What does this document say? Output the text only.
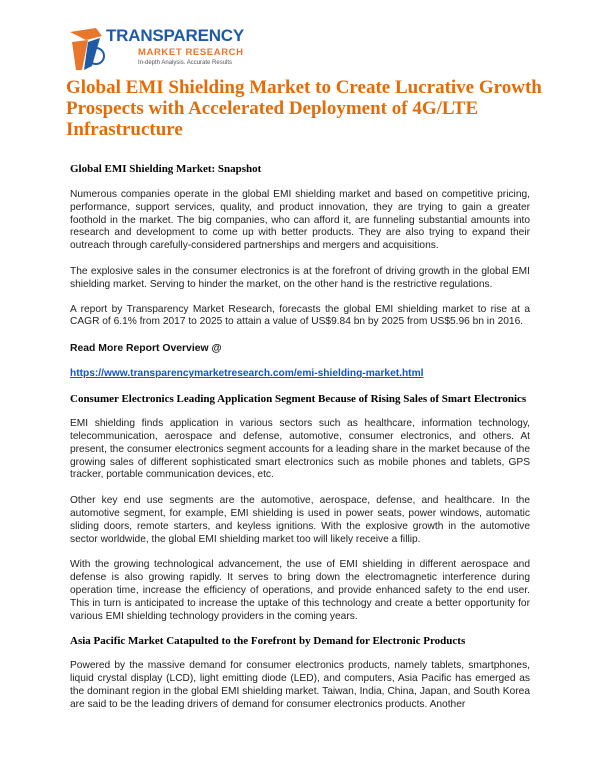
TRANSPARENCY
MARKET RESEARCH
In-depth Analysis. Accurate Results
Global EMI Shielding Market to Create Lucrative Growth Prospects with Accelerated Deployment of 4G/LTE Infrastructure

Global EMI Shielding Market: Snapshot

Numerous companies operate in the global EMI shielding market and based on competitive pricing, performance, support services, quality, and product innovation, they are trying to gain a greater foothold in the market. The big companies, who can afford it, are funneling substantial amounts into research and development to come up with better products. They are also trying to expand their outreach through carefully-considered partnerships and mergers and acquisitions.

The explosive sales in the consumer electronics is at the forefront of driving growth in the global EMI shielding market. Serving to hinder the market, on the other hand is the restrictive regulations.

A report by Transparency Market Research, forecasts the global EMI shielding market to rise at a CAGR of 6.1% from 2017 to 2025 to attain a value of US$9.84 bn by 2025 from US$5.96 bn in 2016.

Read More Report Overview @

https://www.transparencymarketresearch.com/emi-shielding-market.html

Consumer Electronics Leading Application Segment Because of Rising Sales of Smart Electronics

EMI shielding finds application in various sectors such as healthcare, information technology, telecommunication, aerospace and defense, automotive, consumer electronics, and others. At present, the consumer electronics segment accounts for a leading share in the market because of the growing sales of different sophisticated smart electronics such as mobile phones and tablets, GPS tracker, portable communication devices, etc.

Other key end use segments are the automotive, aerospace, defense, and healthcare. In the automotive segment, for example, EMI shielding is used in power seats, power windows, automatic sliding doors, remote starters, and keyless ignitions. With the explosive growth in the automotive sector worldwide, the global EMI shielding market too will likely receive a fillip.

With the growing technological advancement, the use of EMI shielding in different aerospace and defense is also growing rapidly. It serves to bring down the electromagnetic interference during operation time, increase the efficiency of operations, and provide enhanced safety to the end user. This in turn is anticipated to increase the uptake of this technology and create a better opportunity for various EMI shielding technology providers in the coming years.

Asia Pacific Market Catapulted to the Forefront by Demand for Electronic Products

Powered by the massive demand for consumer electronics products, namely tablets, smartphones, liquid crystal display (LCD), light emitting diode (LED), and computers, Asia Pacific has emerged as the dominant region in the global EMI shielding market. Taiwan, India, China, Japan, and South Korea are said to be the leading drivers of demand for consumer electronics products. Another
